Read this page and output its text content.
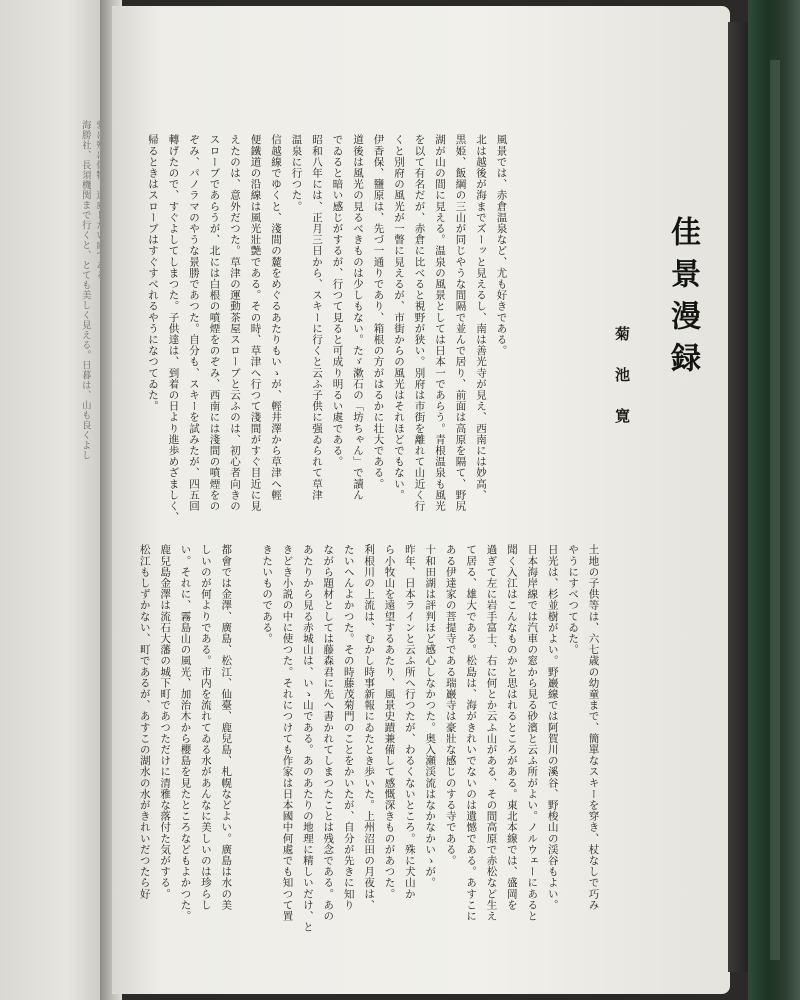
海勝社、長須機関まで行くと、とても美しく見える。日暮は、山も良くよし	佳景漫録
菊池寛
風景では、赤倉温泉など、尤も好きである。
北は越後が海までズーッと見えるし、南は善光寺が見え、西南には妙高、
黒姫、飯綱の三山が同じやうな間隔で並んで居り、前面は高原を隔て、野尻
湖が山の間に見える。温泉の風景としては日本一であらう。青根温泉も風光
を以て有名だが、赤倉に比べると視野が狭い。別府は市街を離れて山近く行
くと別府の風光が一瞥に見えるが、市街からの風光はそれほどでもない。
伊香保、鹽原は、先づ一通りであり、箱根の方がはるかに壮大である。
道後は風光の見るべきものは少しもない。たゞ漱石の「坊ちゃん」で讀ん
でゐると暗い感じがするが、行つて見ると可成り明るい處である。
昭和八年には、正月三日から、スキーに行くと云ふ子供に强ゐられて草津
温泉に行つた。
信越線でゆくと、淺間の麓をめぐるあたりもいゝが、輕井澤から草津へ輕
便鐵道の沿線は風光壯艶である。その時、草津へ行つて淺間がすぐ目近に見
えたのは、意外だつた。草津の運動茶屋スローブと云ふのは、初心者向きの
スローブであらうが、北には白根の噴煙をのぞみ、西南には淺間の噴煙をの
ぞみ、パノラマのやうな景勝であつた。自分も、スキーを試みたが、四五回
轉げたので、すぐよしてしまつた。子供達は、到着の日より進歩めざましく、
帰るときはスローブはすぐすべれるやうになつてゐた。
土地の子供等は、六七歳の幼童まで、簡單なスキーを穿き、杖なしで巧み
やうにすべつてゐた。
日光は、杉並樹がよい。野巖線では阿賀川の溪谷、野梭山の渓谷もよい。
日本海岸線では汽車の窓から見る砂濱と云ふ所がよい。ノルウェーにあると
聞く入江はこんなものかと思はれるところがある。東北本線では、盛岡を
過ぎて左に岩手富士、右に何とか云ふ山がある、その間高原で赤松など生え
て居る、雄大である。松島は、海がきれいでないのは遺憾である。あすこに
ある伊達家の菩提寺である瑞巖寺は豪壯な感じのする寺である。
十和田湖は評判ほど感心しなかつた。奥入瀬渓流はなかなかいゝが。
昨年、日本ラインと云ふ所へ行つたが、わるくないところ。殊に犬山か
ら小牧山を遠望するあたり、風景史蹟兼備して感慨深きものがあつた。
利根川の上流は、むかし時事新報にゐたとき歩いた。上州沼田の月夜は、
たいへんよかつた。その時藤茂菊門のことをかいたが、自分が先きに知り
ながら題材としては藤森君に先へ書かれてしまつたことは残念である。あの
あたりから見る赤城山は、いゝ山である。あのあたりの地理に精しいだけ、と
きどき小説の中に使つた。それにつけても作家は日本國中何處でも知つて置
きたいものである。
都會では金澤、廣島、松江、仙臺、鹿兒島、札幌などよい。廣島は水の美
しいのが何よりである。市内を流れてゐる水があんなに美しいのは珍らし
い。それに、霧島山の風光、加治木から櫻島を見たところなどもよかつた。
鹿兒島金澤は流石大藩の城下町であつただけに清雅な落付た気がする。
松江もしずかない、町であるが、あすこの湖水の水がきれいだつたら好
